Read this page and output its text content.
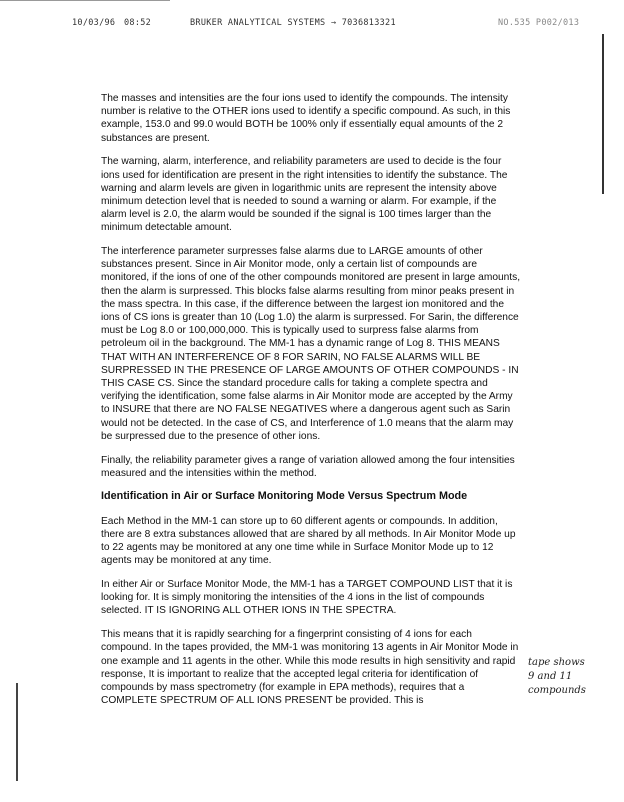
10/03/96 08:52	BRUKER ANALYTICAL SYSTEMS → 7036813321	NO.535 P002/013

The masses and intensities are the four ions used to identify the compounds. The intensity number is relative to the OTHER ions used to identify a specific compound. As such, in this example, 153.0 and 99.0 would BOTH be 100% only if essentially equal amounts of the 2 substances are present.

The warning, alarm, interference, and reliability parameters are used to decide is the four ions used for identification are present in the right intensities to identify the substance. The warning and alarm levels are given in logarithmic units are represent the intensity above minimum detection level that is needed to sound a warning or alarm. For example, if the alarm level is 2.0, the alarm would be sounded if the signal is 100 times larger than the minimum detectable amount.

The interference parameter surpresses false alarms due to LARGE amounts of other substances present. Since in Air Monitor mode, only a certain list of compounds are monitored, if the ions of one of the other compounds monitored are present in large amounts, then the alarm is surpressed. This blocks false alarms resulting from minor peaks present in the mass spectra. In this case, if the difference between the largest ion monitored and the ions of CS ions is greater than 10 (Log 1.0) the alarm is surpressed. For Sarin, the difference must be Log 8.0 or 100,000,000. This is typically used to surpress false alarms from petroleum oil in the background. The MM-1 has a dynamic range of Log 8. THIS MEANS THAT WITH AN INTERFERENCE OF 8 FOR SARIN, NO FALSE ALARMS WILL BE SURPRESSED IN THE PRESENCE OF LARGE AMOUNTS OF OTHER COMPOUNDS - IN THIS CASE CS. Since the standard procedure calls for taking a complete spectra and verifying the identification, some false alarms in Air Monitor mode are accepted by the Army to INSURE that there are NO FALSE NEGATIVES where a dangerous agent such as Sarin would not be detected. In the case of CS, and Interference of 1.0 means that the alarm may be surpressed due to the presence of other ions.

Finally, the reliability parameter gives a range of variation allowed among the four intensities measured and the intensities within the method.

Identification in Air or Surface Monitoring Mode Versus Spectrum Mode

Each Method in the MM-1 can store up to 60 different agents or compounds. In addition, there are 8 extra substances allowed that are shared by all methods. In Air Monitor Mode up to 22 agents may be monitored at any one time while in Surface Monitor Mode up to 12 agents may be monitored at any time.

In either Air or Surface Monitor Mode, the MM-1 has a TARGET COMPOUND LIST that it is looking for. It is simply monitoring the intensities of the 4 ions in the list of compounds selected. IT IS IGNORING ALL OTHER IONS IN THE SPECTRA.

This means that it is rapidly searching for a fingerprint consisting of 4 ions for each compound. In the tapes provided, the MM-1 was monitoring 13 agents in Air Monitor Mode in one example and 11 agents in the other. While this mode results in high sensitivity and rapid response, It is important to realize that the accepted legal criteria for identification of compounds by mass spectrometry (for example in EPA methods), requires that a COMPLETE SPECTRUM OF ALL IONS PRESENT be provided. This is

tape shows
9 and 11
compounds
